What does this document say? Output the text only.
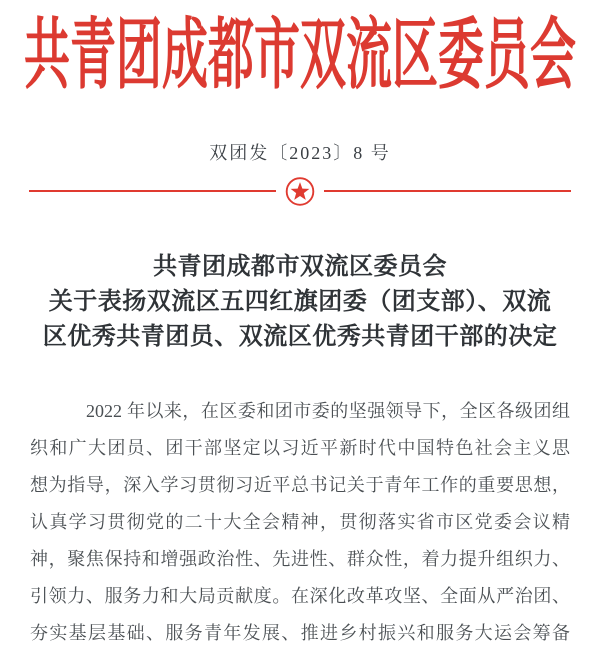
共青团成都市双流区委员会
双团发〔2023〕8 号
共青团成都市双流区委员会
关于表扬双流区五四红旗团委（团支部）、双流
区优秀共青团员、双流区优秀共青团干部的决定
2022 年以来，在区委和团市委的坚强领导下，全区各级团组
织和广大团员、团干部坚定以习近平新时代中国特色社会主义思
想为指导，深入学习贯彻习近平总书记关于青年工作的重要思想，
认真学习贯彻党的二十大全会精神，贯彻落实省市区党委会议精
神，聚焦保持和增强政治性、先进性、群众性，着力提升组织力、
引领力、服务力和大局贡献度。在深化改革攻坚、全面从严治团、
夯实基层基础、服务青年发展、推进乡村振兴和服务大运会筹备
